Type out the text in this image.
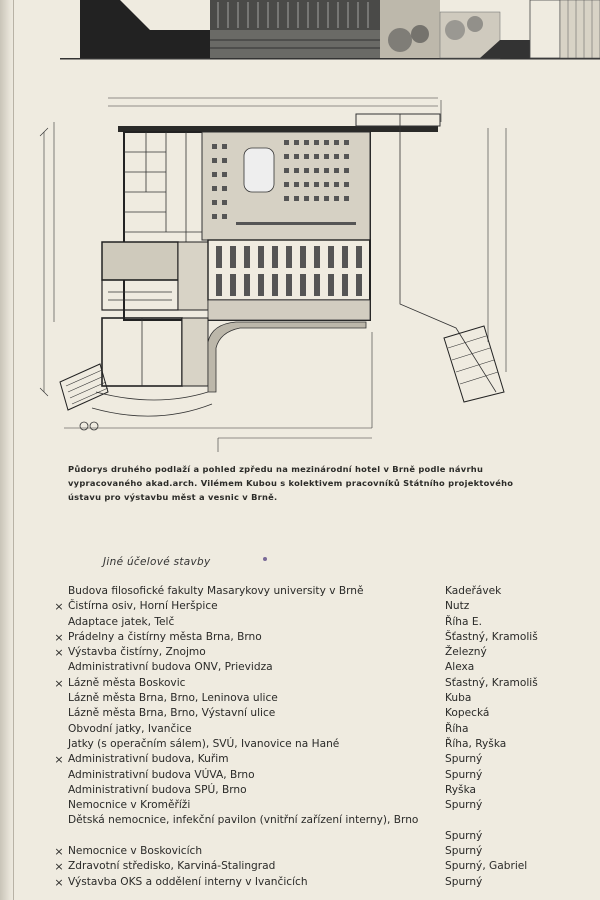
Půdorys druhého podlaží a pohled zpředu na mezinárodní hotel v Brně podle návrhu vypracovaného akad.arch. Vilémem Kubou s kolektivem pracovníků Státního projektového ústavu pro výstavbu měst a vesnic v Brně.

Jiné účelové stavby
Budova filosofické fakulty Masarykovy university v Brně	Kadeřávek
× Čistírna osiv, Horní Heršpice	Nutz
Adaptace jatek, Telč	Říha E.
× Prádelny a čistírny města Brna, Brno	Šťastný, Kramoliš
× Výstavba čistírny, Znojmo	Železný
Administrativní budova ONV, Prievidza	Alexa
× Lázně města Boskovic	Sťastný, Kramoliš
Lázně města Brna, Brno, Leninova ulice	Kuba
Lázně města Brna, Brno, Výstavní ulice	Kopecká
Obvodní jatky, Ivančice	Říha
Jatky (s operačním sálem), SVÚ, Ivanovice na Hané	Říha, Ryška
× Administrativní budova, Kuřim	Spurný
Administrativní budova VÚVA, Brno	Spurný
Administrativní budova SPÚ, Brno	Ryška
Nemocnice v Kroměříži	Spurný
Dětská nemocnice, infekční pavilon (vnitřní zařízení interny), Brno
Spurný
× Nemocnice v Boskovicích	Spurný
× Zdravotní středisko, Karviná-Stalingrad	Spurný, Gabriel
× Výstavba OKS a oddělení interny v Ivančicích	Spurný
